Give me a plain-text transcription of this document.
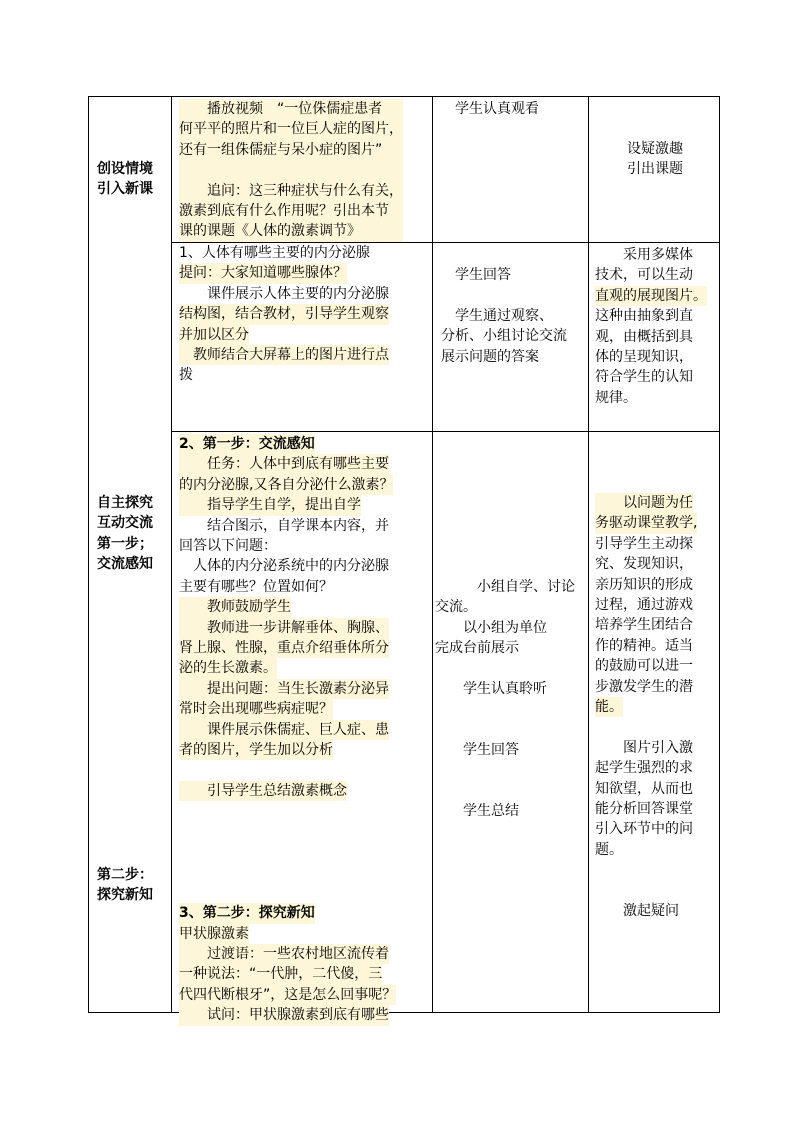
创设情境
引入新课
自主探究
互动交流
第一步；
交流感知
第二步：
探究新知
　　播放视频　“一位侏儒症患者
何平平的照片和一位巨人症的图片，
还有一组侏儒症与呆小症的图片”
　　追问：这三种症状与什么有关，
激素到底有什么作用呢？引出本节
课的课题《人体的激素调节》
　学生认真观看
设疑激趣
引出课题
1、人体有哪些主要的内分泌腺
提问：大家知道哪些腺体？
　　课件展示人体主要的内分泌腺
结构图，结合教材，引导学生观察
并加以区分
　教师结合大屏幕上的图片进行点
拨
　学生回答
　学生通过观察、
分析、小组讨论交流
展示问题的答案
　　采用多媒体
技术，可以生动
直观的展现图片。
这种由抽象到直
观，由概括到具
体的呈现知识，
符合学生的认知
规律。
2、第一步：交流感知
　　任务：人体中到底有哪些主要
的内分泌腺,又各自分泌什么激素？
　　指导学生自学，提出自学
　　结合图示，自学课本内容，并
回答以下问题：
　人体的内分泌系统中的内分泌腺
主要有哪些？位置如何？
　　教师鼓励学生
　　教师进一步讲解垂体、胸腺、
肾上腺、性腺，重点介绍垂体所分
泌的生长激素。
　　提出问题：当生长激素分泌异
常时会出现哪些病症呢？
　　课件展示侏儒症、巨人症、患
者的图片，学生加以分析
　　引导学生总结激素概念
3、第二步：探究新知
甲状腺激素
　　过渡语：一些农村地区流传着
一种说法：“一代肿，二代傻，三
代四代断根牙”，这是怎么回事呢？
　　试问：甲状腺激素到底有哪些
　　　小组自学、讨论
交流。
　　以小组为单位
完成台前展示
　　学生认真聆听
　　学生回答
　　学生总结
　　以问题为任
务驱动课堂教学,
引导学生主动探
究、发现知识，
亲历知识的形成
过程，通过游戏
培养学生团结合
作的精神。适当
的鼓励可以进一
步激发学生的潜
能。
　　图片引入激
起学生强烈的求
知欲望，从而也
能分析回答课堂
引入环节中的问
题。
　　激起疑问
